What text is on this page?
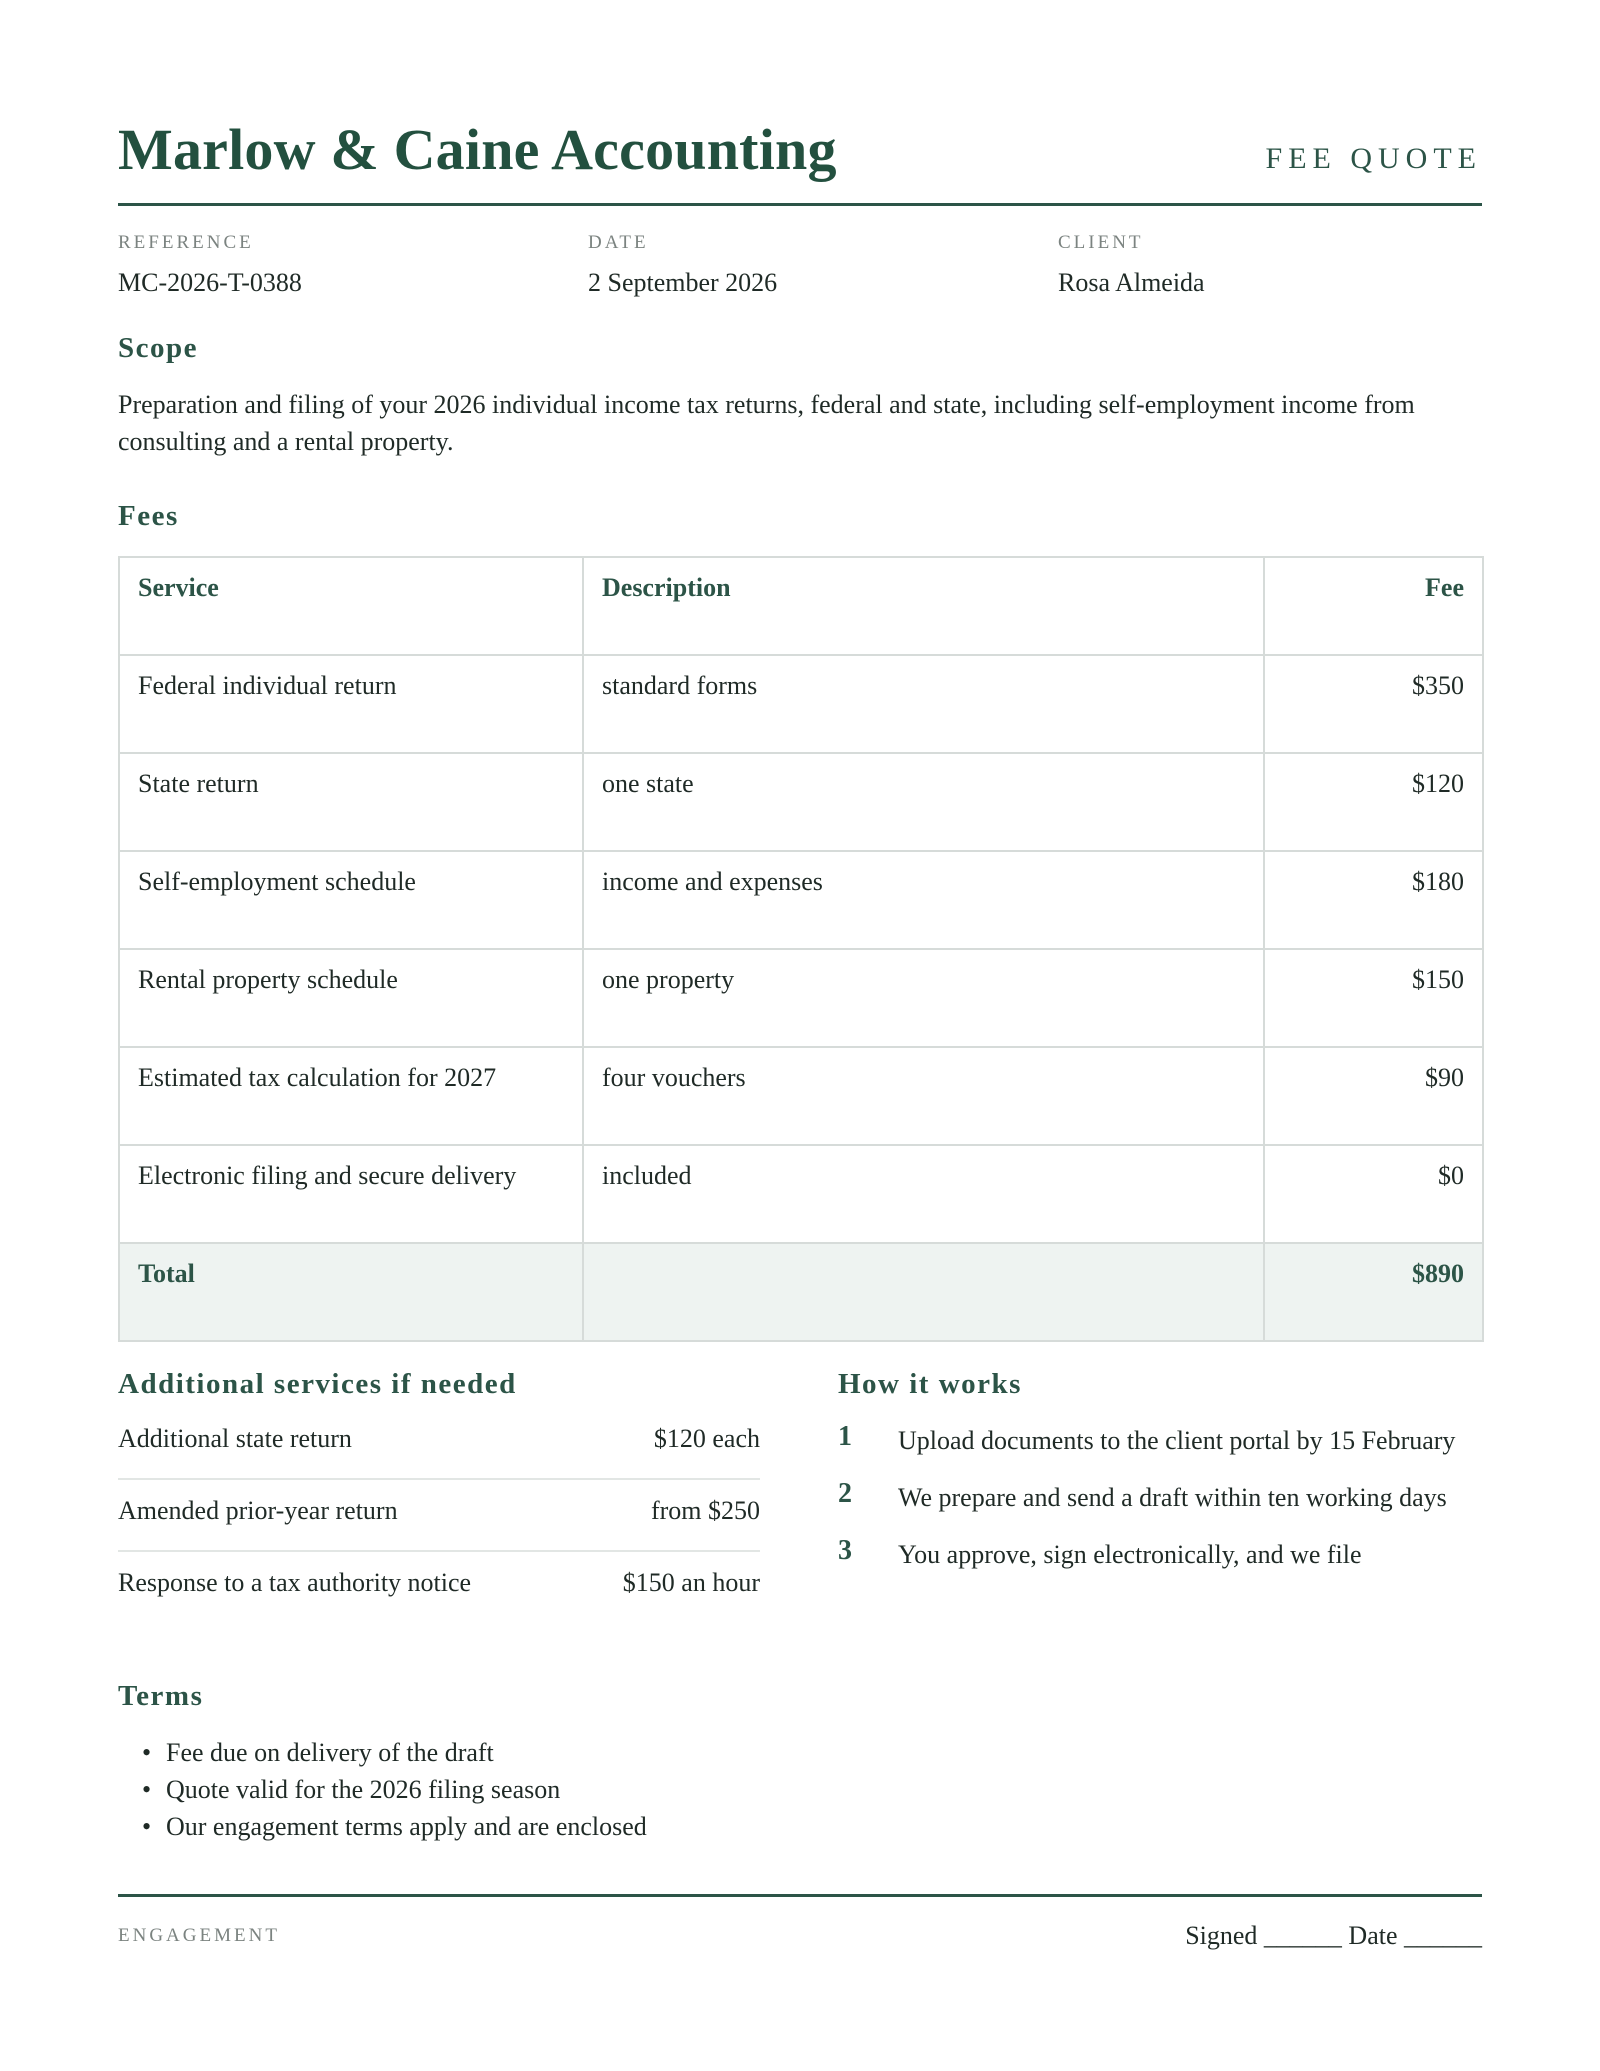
Marlow & Caine Accounting	FEE QUOTE
REFERENCE
MC-2026-T-0388
DATE
2 September 2026
CLIENT
Rosa Almeida
Scope
Preparation and filing of your 2026 individual income tax returns, federal and state, including self-employment income from consulting and a rental property.
Fees
Service	Description	Fee
Federal individual return	standard forms	$350
State return	one state	$120
Self-employment schedule	income and expenses	$180
Rental property schedule	one property	$150
Estimated tax calculation for 2027	four vouchers	$90
Electronic filing and secure delivery	included	$0
Total		$890
Additional services if needed
Additional state return	$120 each
Amended prior-year return	from $250
Response to a tax authority notice	$150 an hour
How it works
1 Upload documents to the client portal by 15 February
2 We prepare and send a draft within ten working days
3 You approve, sign electronically, and we file
Terms
• Fee due on delivery of the draft
• Quote valid for the 2026 filing season
• Our engagement terms apply and are enclosed
ENGAGEMENT	Signed ______ Date ______
